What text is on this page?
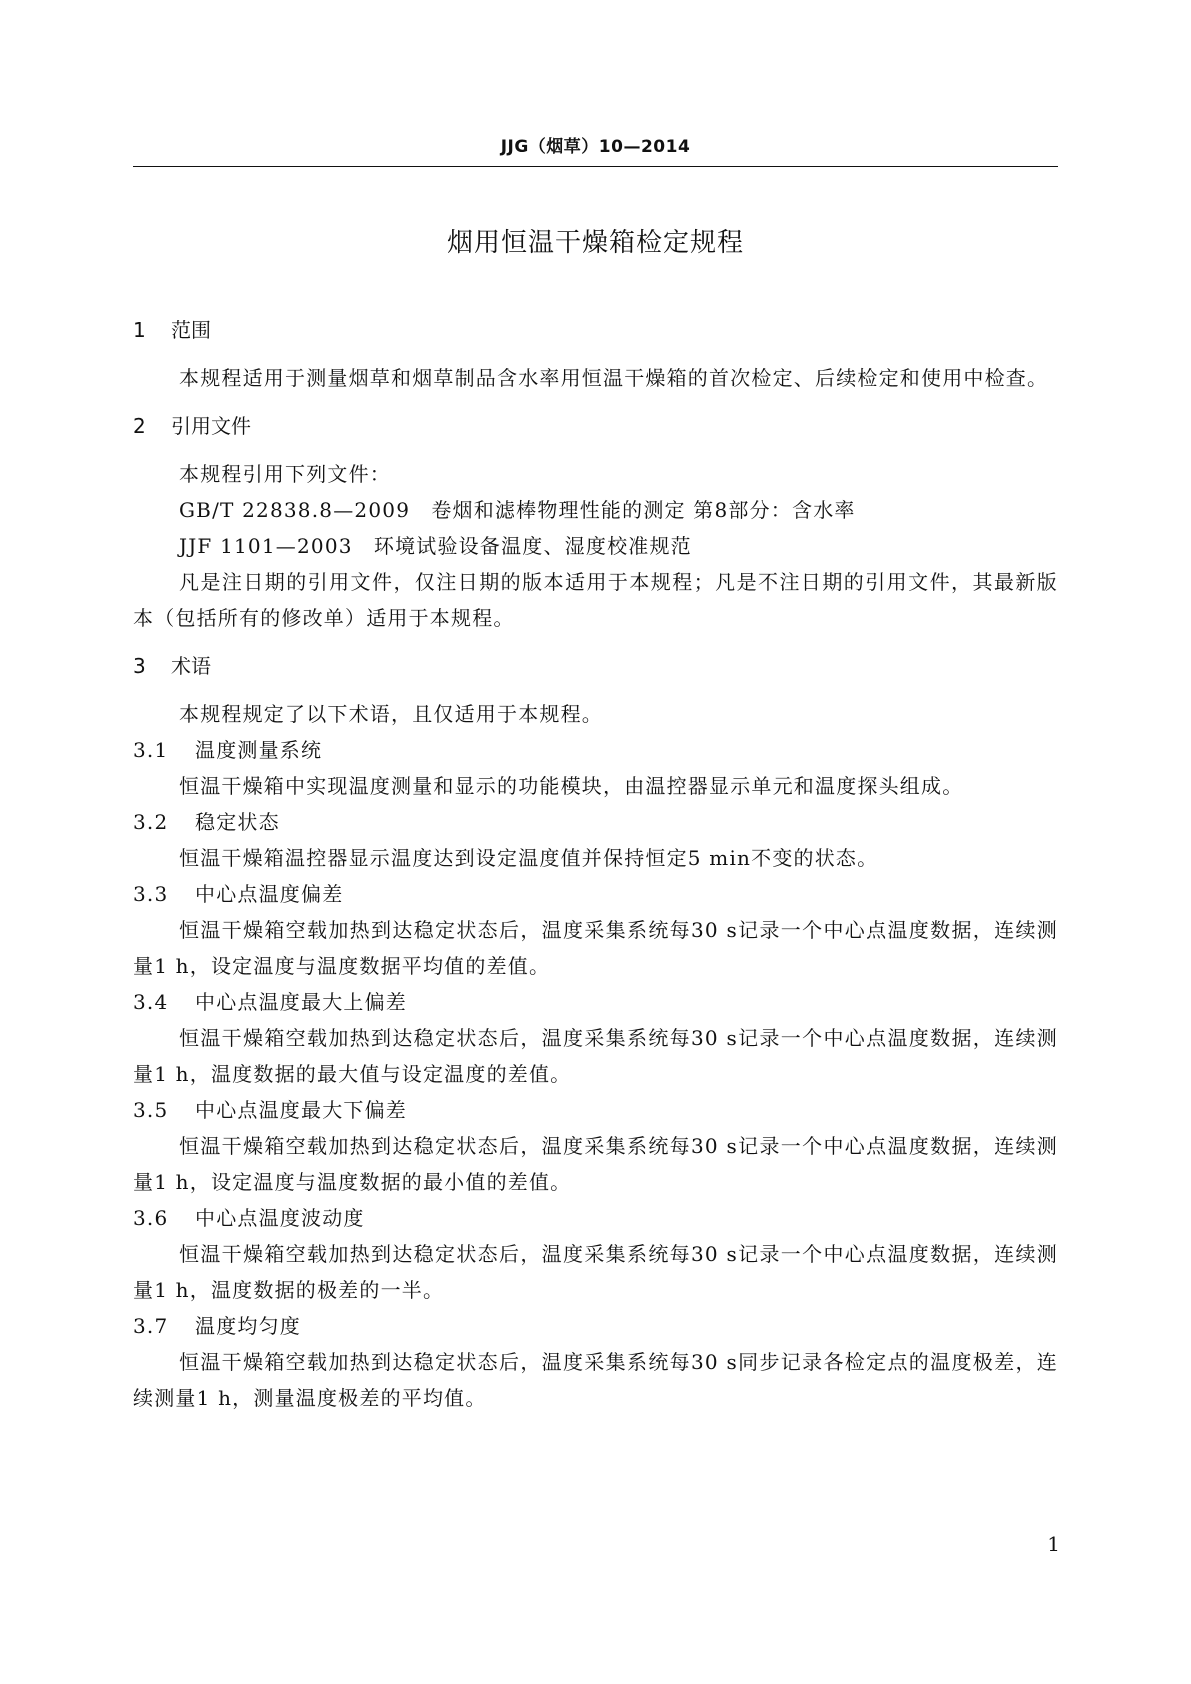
JJG（烟草）10—2014
烟用恒温干燥箱检定规程
1 范围

本规程适用于测量烟草和烟草制品含水率用恒温干燥箱的首次检定、后续检定和使用中检查。

2 引用文件
本规程引用下列文件：
GB/T 22838.8—2009　卷烟和滤棒物理性能的测定 第8部分：含水率
JJF 1101—2003　环境试验设备温度、湿度校准规范

凡是注日期的引用文件，仅注日期的版本适用于本规程；凡是不注日期的引用文件，其最新版本（包括所有的修改单）适用于本规程。

3 术语
本规程规定了以下术语，且仅适用于本规程。
3.1 温度测量系统

恒温干燥箱中实现温度测量和显示的功能模块，由温控器显示单元和温度探头组成。

3.2 稳定状态

恒温干燥箱温控器显示温度达到设定温度值并保持恒定5 min不变的状态。

3.3 中心点温度偏差

恒温干燥箱空载加热到达稳定状态后，温度采集系统每30 s记录一个中心点温度数据，连续测量1 h，设定温度与温度数据平均值的差值。

3.4 中心点温度最大上偏差

恒温干燥箱空载加热到达稳定状态后，温度采集系统每30 s记录一个中心点温度数据，连续测量1 h，温度数据的最大值与设定温度的差值。

3.5 中心点温度最大下偏差

恒温干燥箱空载加热到达稳定状态后，温度采集系统每30 s记录一个中心点温度数据，连续测量1 h，设定温度与温度数据的最小值的差值。

3.6 中心点温度波动度

恒温干燥箱空载加热到达稳定状态后，温度采集系统每30 s记录一个中心点温度数据，连续测量1 h，温度数据的极差的一半。

3.7 温度均匀度

恒温干燥箱空载加热到达稳定状态后，温度采集系统每30 s同步记录各检定点的温度极差，连续测量1 h，测量温度极差的平均值。

1
